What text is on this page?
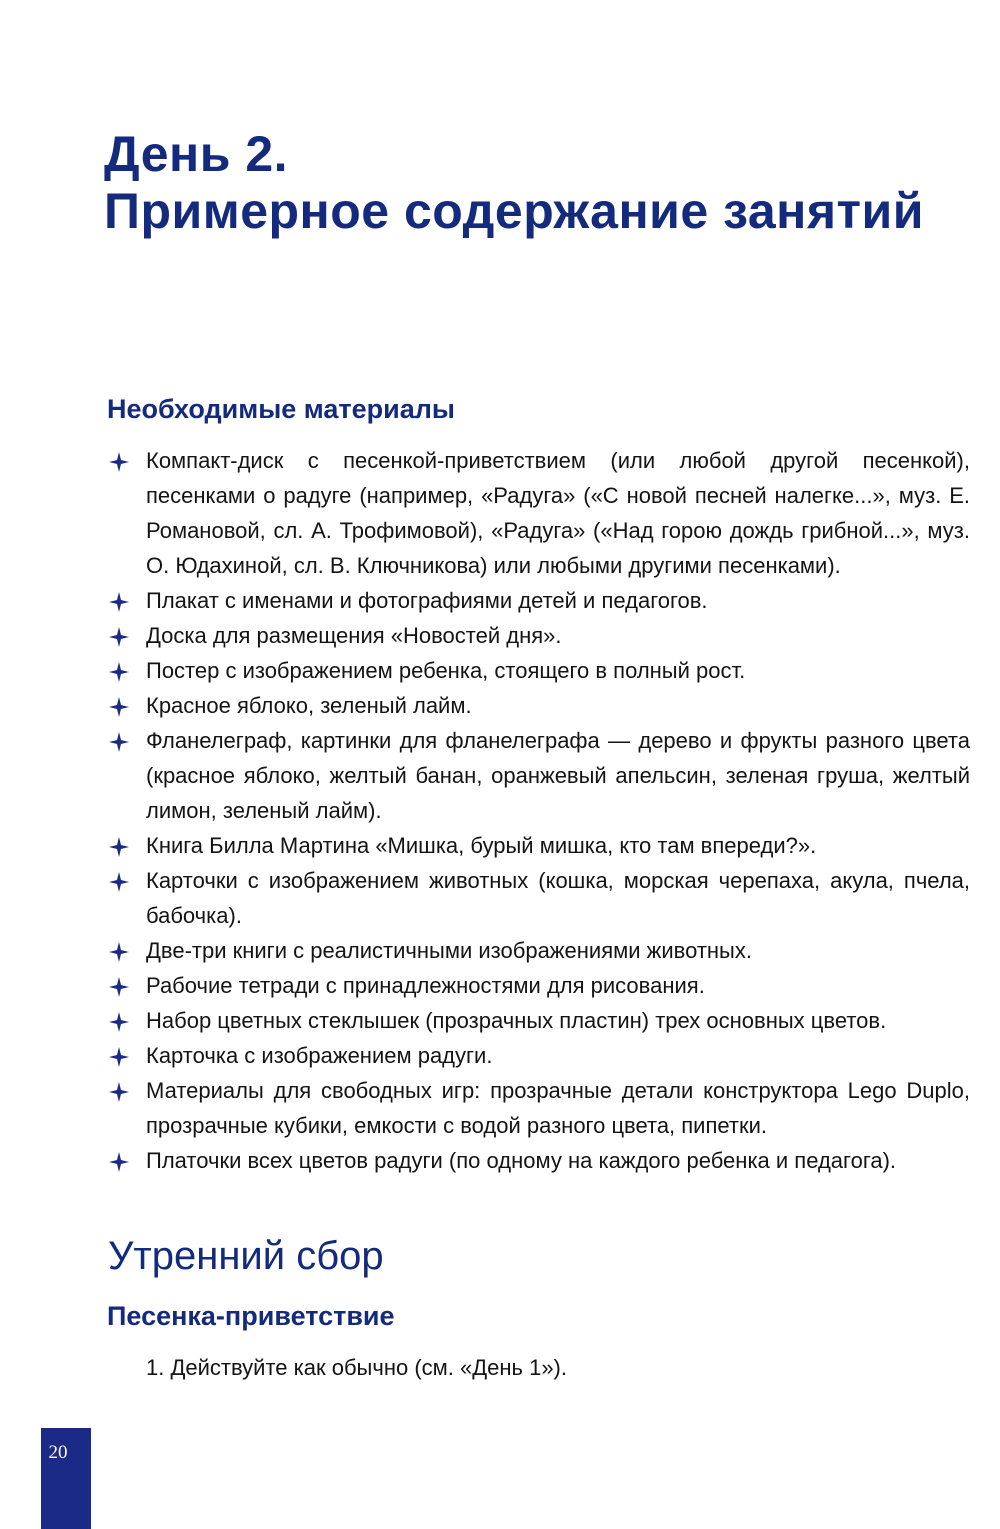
День 2.
Примерное содержание занятий
Необходимые материалы
Компакт-диск с песенкой-приветствием (или любой другой песенкой), песенками о радуге (например, «Радуга» («С новой песней налегке...», муз. Е. Романовой, сл. А. Трофимовой), «Радуга» («Над горою дождь грибной...», муз. О. Юдахиной, сл. В. Ключникова) или любыми другими песенками).
Плакат с именами и фотографиями детей и педагогов.
Доска для размещения «Новостей дня».
Постер с изображением ребенка, стоящего в полный рост.
Красное яблоко, зеленый лайм.
Фланелеграф, картинки для фланелеграфа — дерево и фрукты разного цвета (красное яблоко, желтый банан, оранжевый апельсин, зеленая груша, желтый лимон, зеленый лайм).
Книга Билла Мартина «Мишка, бурый мишка, кто там впереди?».
Карточки с изображением животных (кошка, морская черепаха, акула, пчела, бабочка).
Две-три книги с реалистичными изображениями животных.
Рабочие тетради с принадлежностями для рисования.
Набор цветных стеклышек (прозрачных пластин) трех основных цветов.
Карточка с изображением радуги.
Материалы для свободных игр: прозрачные детали конструктора Lego Duplo, прозрачные кубики, емкости с водой разного цвета, пипетки.
Платочки всех цветов радуги (по одному на каждого ребенка и педагога).
Утренний сбор
Песенка-приветствие
1. Действуйте как обычно (см. «День 1»).
20
